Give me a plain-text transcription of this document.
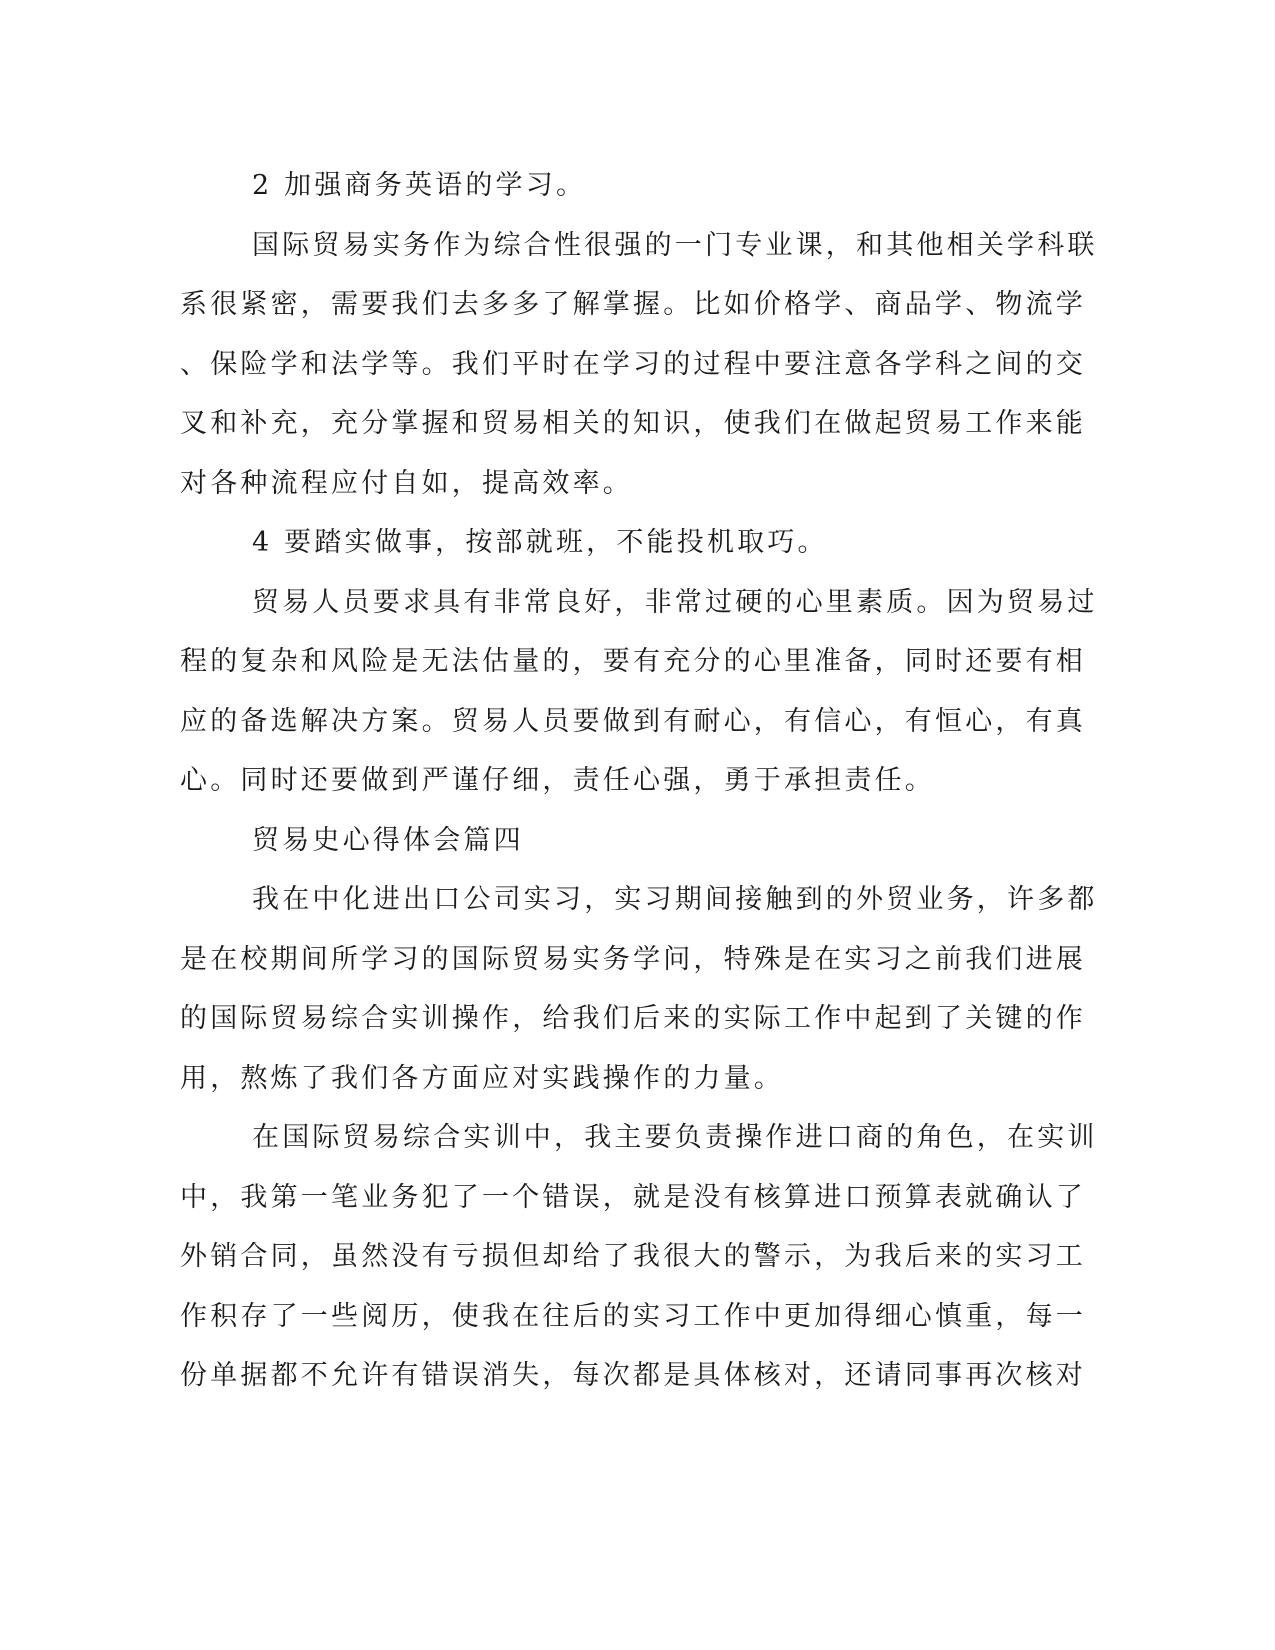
2 加强商务英语的学习。
国际贸易实务作为综合性很强的一门专业课，和其他相关学科联
系很紧密，需要我们去多多了解掌握。比如价格学、商品学、物流学
、保险学和法学等。我们平时在学习的过程中要注意各学科之间的交
叉和补充，充分掌握和贸易相关的知识，使我们在做起贸易工作来能
对各种流程应付自如，提高效率。
4 要踏实做事，按部就班，不能投机取巧。
贸易人员要求具有非常良好，非常过硬的心里素质。因为贸易过
程的复杂和风险是无法估量的，要有充分的心里准备，同时还要有相
应的备选解决方案。贸易人员要做到有耐心，有信心，有恒心，有真
心。同时还要做到严谨仔细，责任心强，勇于承担责任。
贸易史心得体会篇四
我在中化进出口公司实习，实习期间接触到的外贸业务，许多都
是在校期间所学习的国际贸易实务学问，特殊是在实习之前我们进展
的国际贸易综合实训操作，给我们后来的实际工作中起到了关键的作
用，熬炼了我们各方面应对实践操作的力量。
在国际贸易综合实训中，我主要负责操作进口商的角色，在实训
中，我第一笔业务犯了一个错误，就是没有核算进口预算表就确认了
外销合同，虽然没有亏损但却给了我很大的警示，为我后来的实习工
作积存了一些阅历，使我在往后的实习工作中更加得细心慎重，每一
份单据都不允许有错误消失，每次都是具体核对，还请同事再次核对
